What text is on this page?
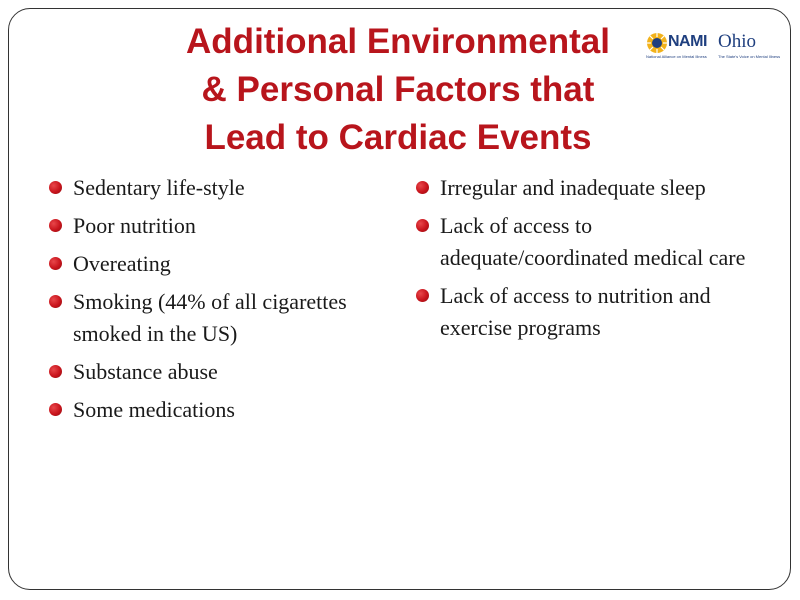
Additional Environmental
& Personal Factors that
Lead to Cardiac Events
NAMI Ohio
National Alliance on Mental Illness	The State's Voice on Mental Illness
Sedentary life-style
Poor nutrition
Overeating
Smoking (44% of all cigarettes smoked in the US)
Substance abuse
Some medications
Irregular and inadequate sleep
Lack of access to adequate/coordinated medical care
Lack of access to nutrition and exercise programs
